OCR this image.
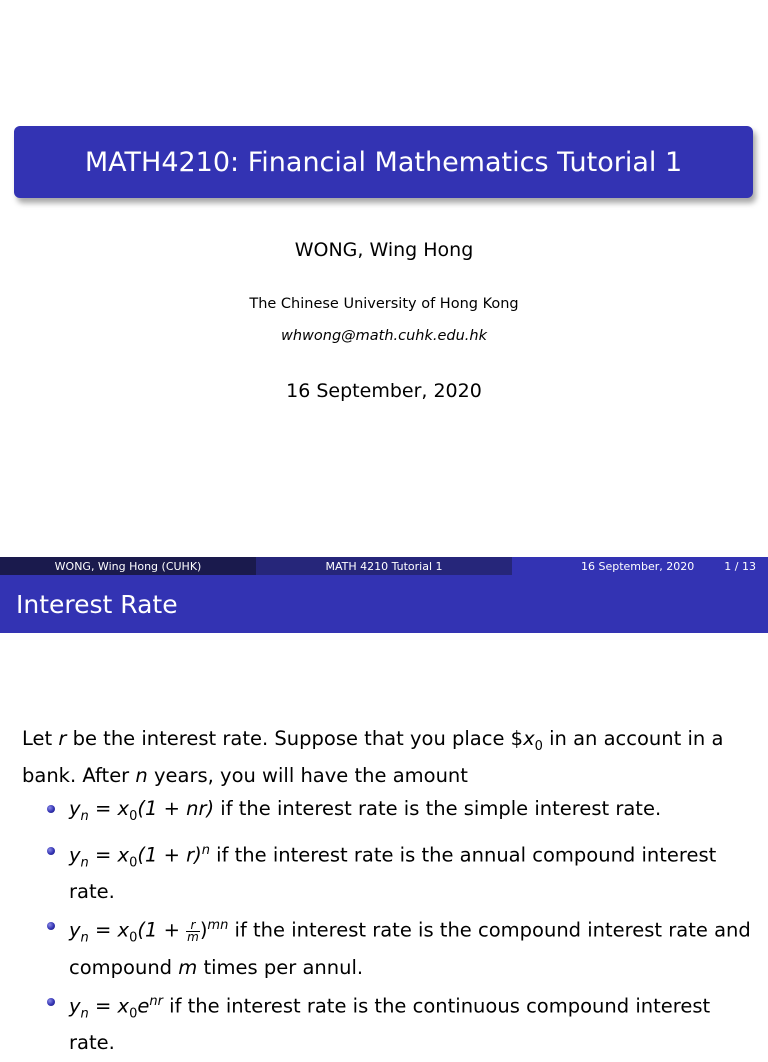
MATH4210: Financial Mathematics Tutorial 1
WONG, Wing Hong
The Chinese University of Hong Kong
whwong@math.cuhk.edu.hk
16 September, 2020
WONG, Wing Hong (CUHK)	MATH 4210 Tutorial 1	16 September, 2020	1 / 13
Interest Rate

Let r be the interest rate. Suppose that you place $\$x_0$ in an account in a bank. After n years, you will have the amount

$y_n = x_0(1 + nr)$ if the interest rate is the simple interest rate.
$y_n = x_0(1 + r)^n$ if the interest rate is the annual compound interest rate.
$y_n = x_0(1 + \frac{r}{m} )^{mn}$ if the interest rate is the compound interest rate and compound m times per annul.
$y_n = x_0e^{nr}$ if the interest rate is the continuous compound interest rate.
